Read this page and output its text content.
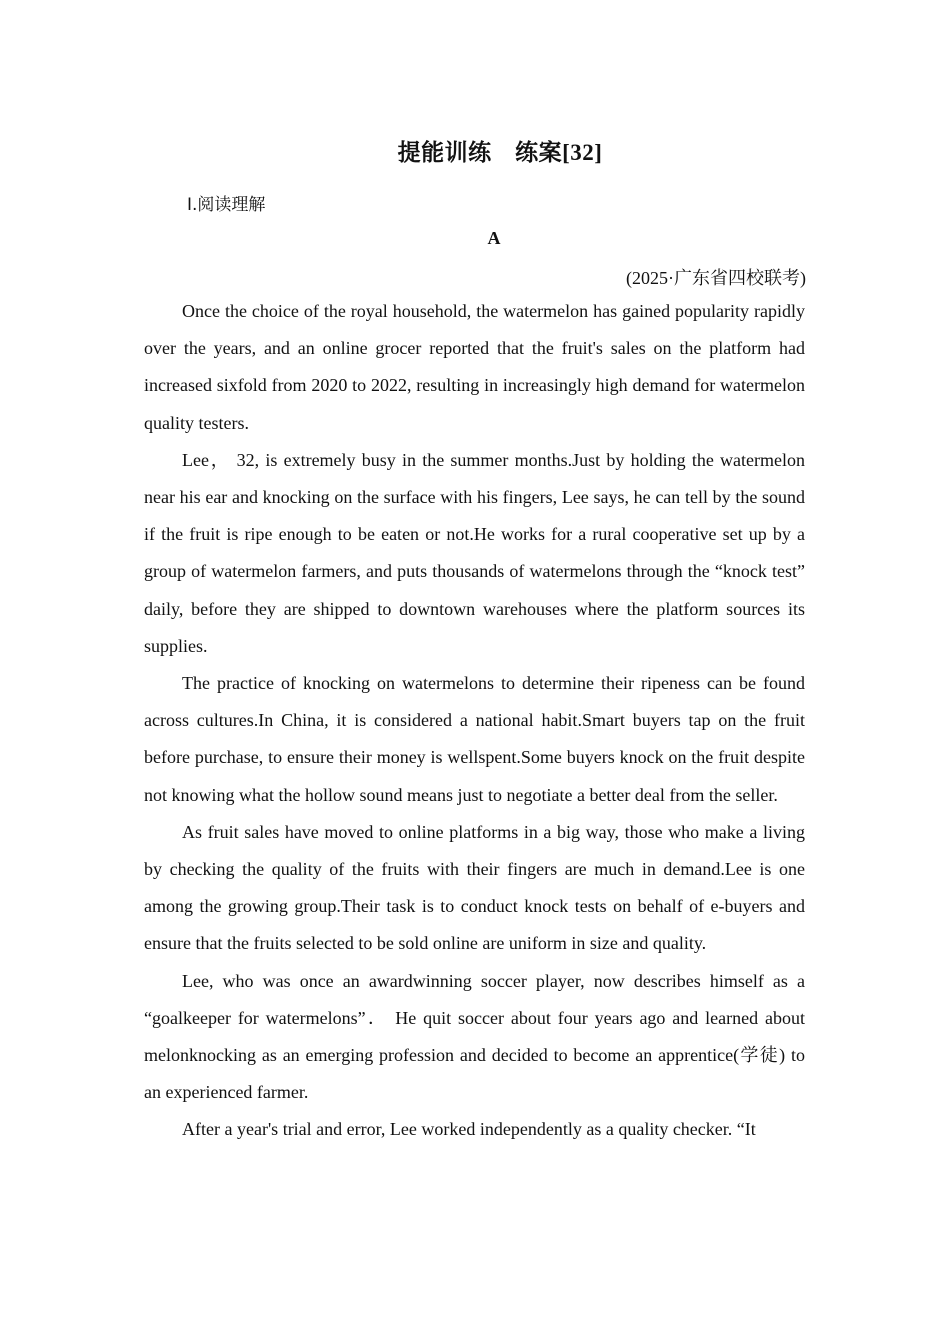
提能训练　练案[32]
Ⅰ.阅读理解
A
(2025·广东省四校联考)

Once the choice of the royal household, the watermelon has gained popularity rapidly over the years, and an online grocer reported that the fruit's sales on the platform had increased sixfold from 2020 to 2022, resulting in increasingly high demand for watermelon quality testers.

Lee， 32, is extremely busy in the summer months.Just by holding the watermelon near his ear and knocking on the surface with his fingers, Lee says, he can tell by the sound if the fruit is ripe enough to be eaten or not.He works for a rural cooperative set up by a group of watermelon farmers, and puts thousands of watermelons through the “knock test” daily, before they are shipped to downtown warehouses where the platform sources its supplies.

The practice of knocking on watermelons to determine their ripeness can be found across cultures.In China, it is considered a national habit.Smart buyers tap on the fruit before purchase, to ensure their money is wellspent.Some buyers knock on the fruit despite not knowing what the hollow sound means just to negotiate a better deal from the seller.

As fruit sales have moved to online platforms in a big way, those who make a living by checking the quality of the fruits with their fingers are much in demand.Lee is one among the growing group.Their task is to conduct knock tests on behalf of e-buyers and ensure that the fruits selected to be sold online are uniform in size and quality.

Lee, who was once an awardwinning soccer player, now describes himself as a “goalkeeper for watermelons”． He quit soccer about four years ago and learned about melonknocking as an emerging profession and decided to become an apprentice(学徒) to an experienced farmer.

After a year's trial and error, Lee worked independently as a quality checker. “It
